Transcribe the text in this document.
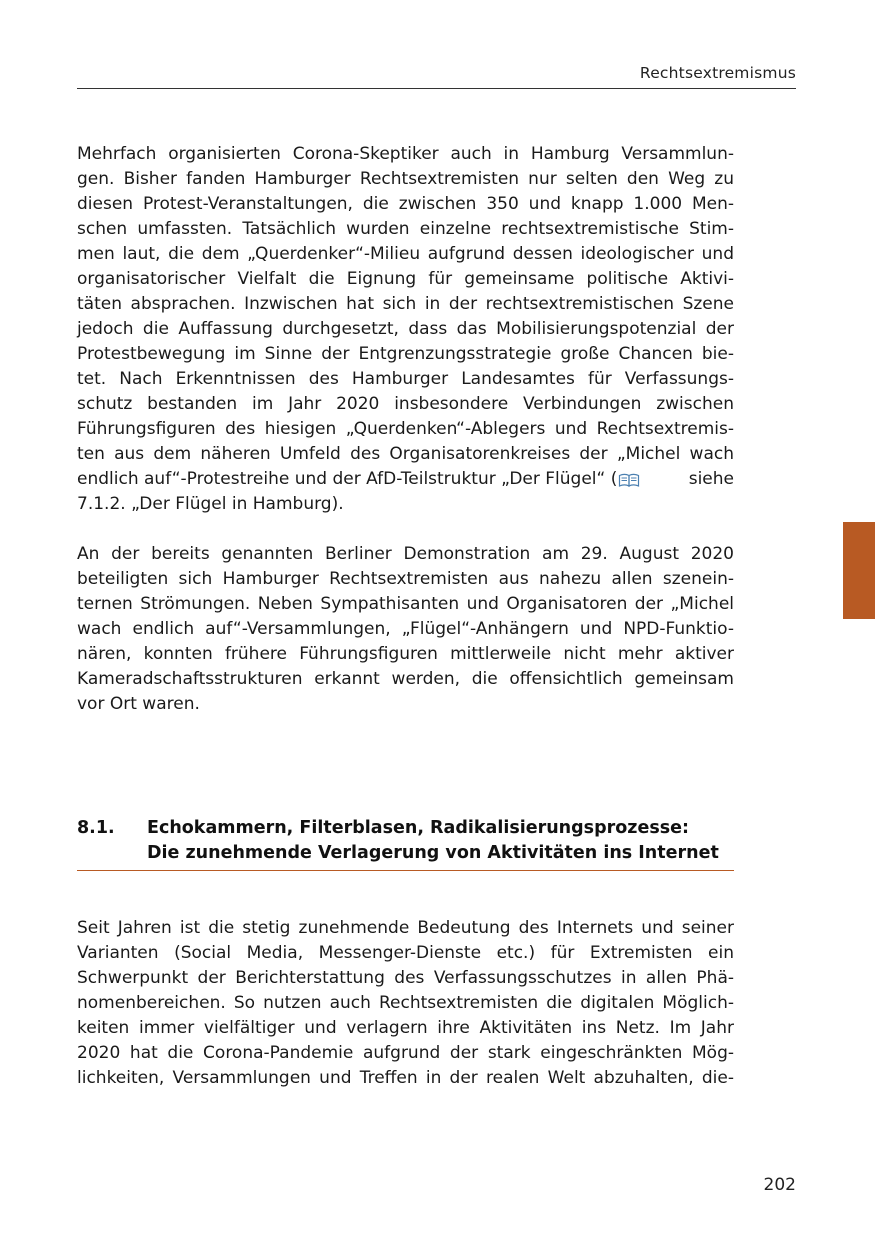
Rechtsextremismus
Mehrfach organisierten Corona-Skeptiker auch in Hamburg Versammlun-
gen. Bisher fanden Hamburger Rechtsextremisten nur selten den Weg zu
diesen Protest-Veranstaltungen, die zwischen 350 und knapp 1.000 Men-
schen umfassten. Tatsächlich wurden einzelne rechtsextremistische Stim-
men laut, die dem „Querdenker“-Milieu aufgrund dessen ideologischer und
organisatorischer Vielfalt die Eignung für gemeinsame politische Aktivi-
täten absprachen. Inzwischen hat sich in der rechtsextremistischen Szene
jedoch die Auffassung durchgesetzt, dass das Mobilisierungspotenzial der
Protestbewegung im Sinne der Entgrenzungsstrategie große Chancen bie-
tet. Nach Erkenntnissen des Hamburger Landesamtes für Verfassungs-
schutz bestanden im Jahr 2020 insbesondere Verbindungen zwischen
Führungsfiguren des hiesigen „Querdenken“-Ablegers und Rechtsextremis-
ten aus dem näheren Umfeld des Organisatorenkreises der „Michel wach
endlich auf“-Protestreihe und der AfD-Teilstruktur „Der Flügel“ (	siehe
7.1.2. „Der Flügel in Hamburg).
An der bereits genannten Berliner Demonstration am 29. August 2020
beteiligten sich Hamburger Rechtsextremisten aus nahezu allen szenein-
ternen Strömungen. Neben Sympathisanten und Organisatoren der „Michel
wach endlich auf“-Versammlungen, „Flügel“-Anhängern und NPD-Funktio-
nären, konnten frühere Führungsfiguren mittlerweile nicht mehr aktiver
Kameradschaftsstrukturen erkannt werden, die offensichtlich gemeinsam
vor Ort waren.
8.1. Echokammern, Filterblasen, Radikalisierungsprozesse:
Die zunehmende Verlagerung von Aktivitäten ins Internet
Seit Jahren ist die stetig zunehmende Bedeutung des Internets und seiner
Varianten (Social Media, Messenger-Dienste etc.) für Extremisten ein
Schwerpunkt der Berichterstattung des Verfassungsschutzes in allen Phä-
nomenbereichen. So nutzen auch Rechtsextremisten die digitalen Möglich-
keiten immer vielfältiger und verlagern ihre Aktivitäten ins Netz. Im Jahr
2020 hat die Corona-Pandemie aufgrund der stark eingeschränkten Mög-
lichkeiten, Versammlungen und Treffen in der realen Welt abzuhalten, die-
202
